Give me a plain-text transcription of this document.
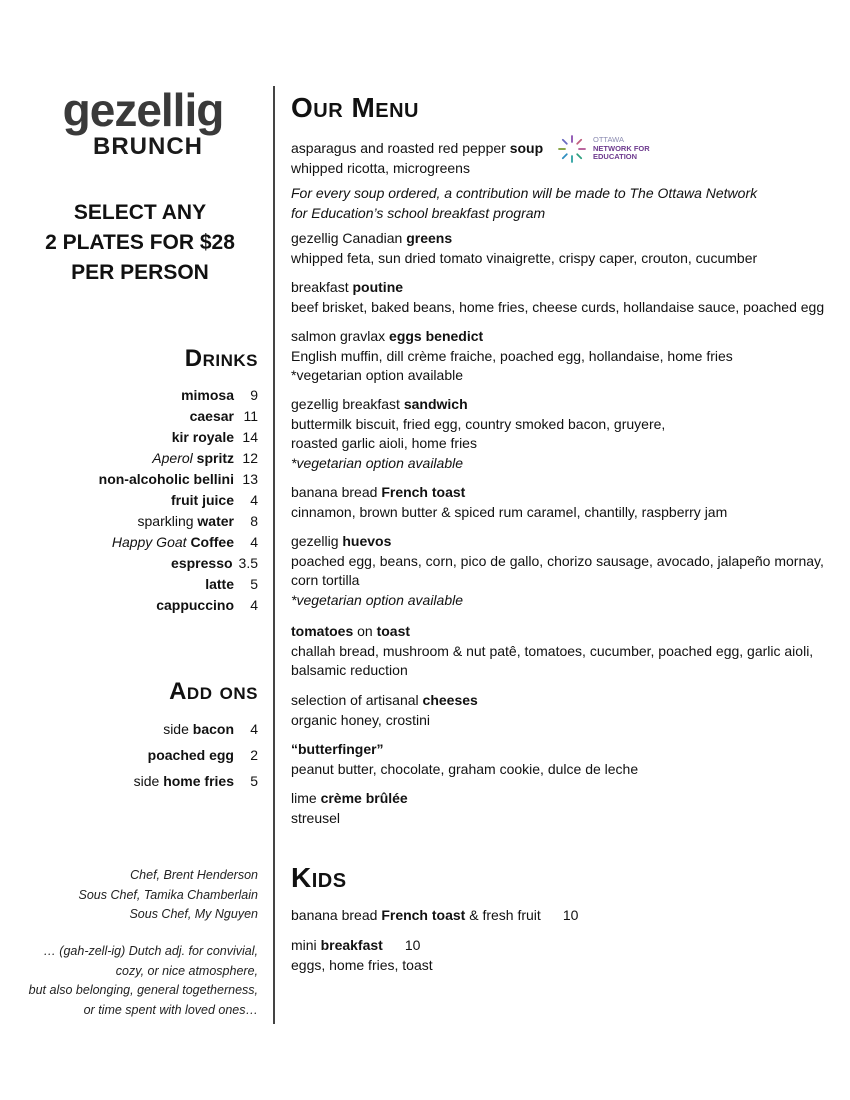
gezellig
BRUNCH
SELECT ANY
2 PLATES FOR $28
PER PERSON
Drinks
mimosa	9
caesar 11
kir royale 14
Aperol spritz 12
non-alcoholic bellini 13
fruit juice	4
sparkling water	8
Happy Goat Coffee	4
espresso 3.5
latte	5
cappuccino	4
Add ons
side bacon	4
poached egg	2
side home fries	5
Chef, Brent Henderson
Sous Chef, Tamika Chamberlain
Sous Chef, My Nguyen
… (gah-zell-ig) Dutch adj. for convivial,
cozy, or nice atmosphere,
but also belonging, general togetherness,
or time spent with loved ones…
Our Menu
OTTAWA
NETWORK FOR
EDUCATION
asparagus and roasted red pepper soup
whipped ricotta, microgreens
For every soup ordered, a contribution will be made to The Ottawa Network
for Education’s school breakfast program
gezellig Canadian greens
whipped feta, sun dried tomato vinaigrette, crispy caper, crouton, cucumber
breakfast poutine
beef brisket, baked beans, home fries, cheese curds, hollandaise sauce, poached egg
salmon gravlax eggs benedict
English muffin, dill crème fraiche, poached egg, hollandaise, home fries
*vegetarian option available
gezellig breakfast sandwich
buttermilk biscuit, fried egg, country smoked bacon, gruyere,
roasted garlic aioli, home fries
*vegetarian option available
banana bread French toast
cinnamon, brown butter & spiced rum caramel, chantilly, raspberry jam
gezellig huevos
poached egg, beans, corn, pico de gallo, chorizo sausage, avocado, jalapeño mornay,
corn tortilla
*vegetarian option available
tomatoes on toast
challah bread, mushroom & nut patê, tomatoes, cucumber, poached egg, garlic aioli,
balsamic reduction
selection of artisanal cheeses
organic honey, crostini
“butterfinger”
peanut butter, chocolate, graham cookie, dulce de leche
lime crème brûlée
streusel
Kids
banana bread French toast & fresh fruit 10
mini breakfast 10
eggs, home fries, toast
